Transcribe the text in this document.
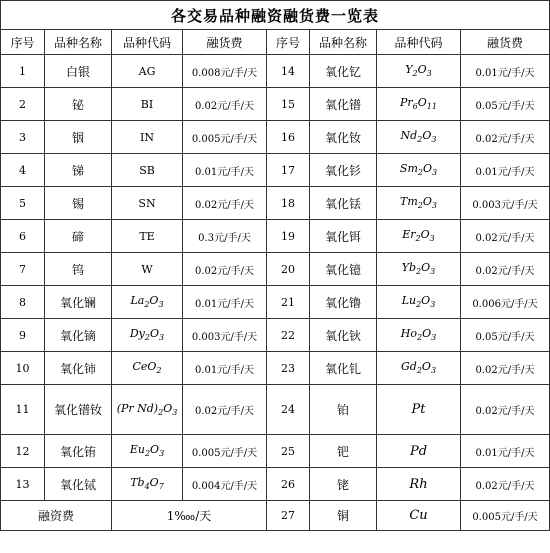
各交易品种融资融货费一览表							
序号	品种名称	品种代码	融货费	序号	品种名称	品种代码	融货费
1	白银	AG	0.008元/手/天	14	氧化钇	$Y_2O_3$	0.01元/手/天
2	铋	BI	0.02元/手/天	15	氧化镨	$Pr_6O_{11}$	0.05元/手/天
3	铟	IN	0.005元/手/天	16	氧化钕	$Nd_2O_3$	0.02元/手/天
4	锑	SB	0.01元/手/天	17	氧化钐	$Sm_2O_3$	0.01元/手/天
5	锡	SN	0.02元/手/天	18	氧化铥	$Tm_2O_3$	0.003元/手/天
6	碲	TE	0.3元/手/天	19	氧化铒	$Er_2O_3$	0.02元/手/天
7	钨	W	0.02元/手/天	20	氧化镱	$Yb_2O_3$	0.02元/手/天
8	氧化镧	$La_2O_3$	0.01元/手/天	21	氧化镥	$Lu_2O_3$	0.006元/手/天
9	氧化镝	$Dy_2O_3$	0.003元/手/天	22	氧化钬	$Ho_2O_3$	0.05元/手/天
10	氧化铈	CeO$_2$	0.01元/手/天	23	氧化钆	$Gd_2O_3$	0.02元/手/天
11	氧化镨钕	(Pr $Nd)_2O_3$	0.02元/手/天	24	铂	Pt	0.02元/手/天
12	氧化铕	$Eu_2O_3$	0.005元/手/天	25	钯	Pd	0.01元/手/天
13	氧化铽	$Tb_4O_7$	0.004元/手/天	26	铑	Rh	0.02元/手/天
融资费		1‱/天		27	铜	Cu	0.005元/手/天
